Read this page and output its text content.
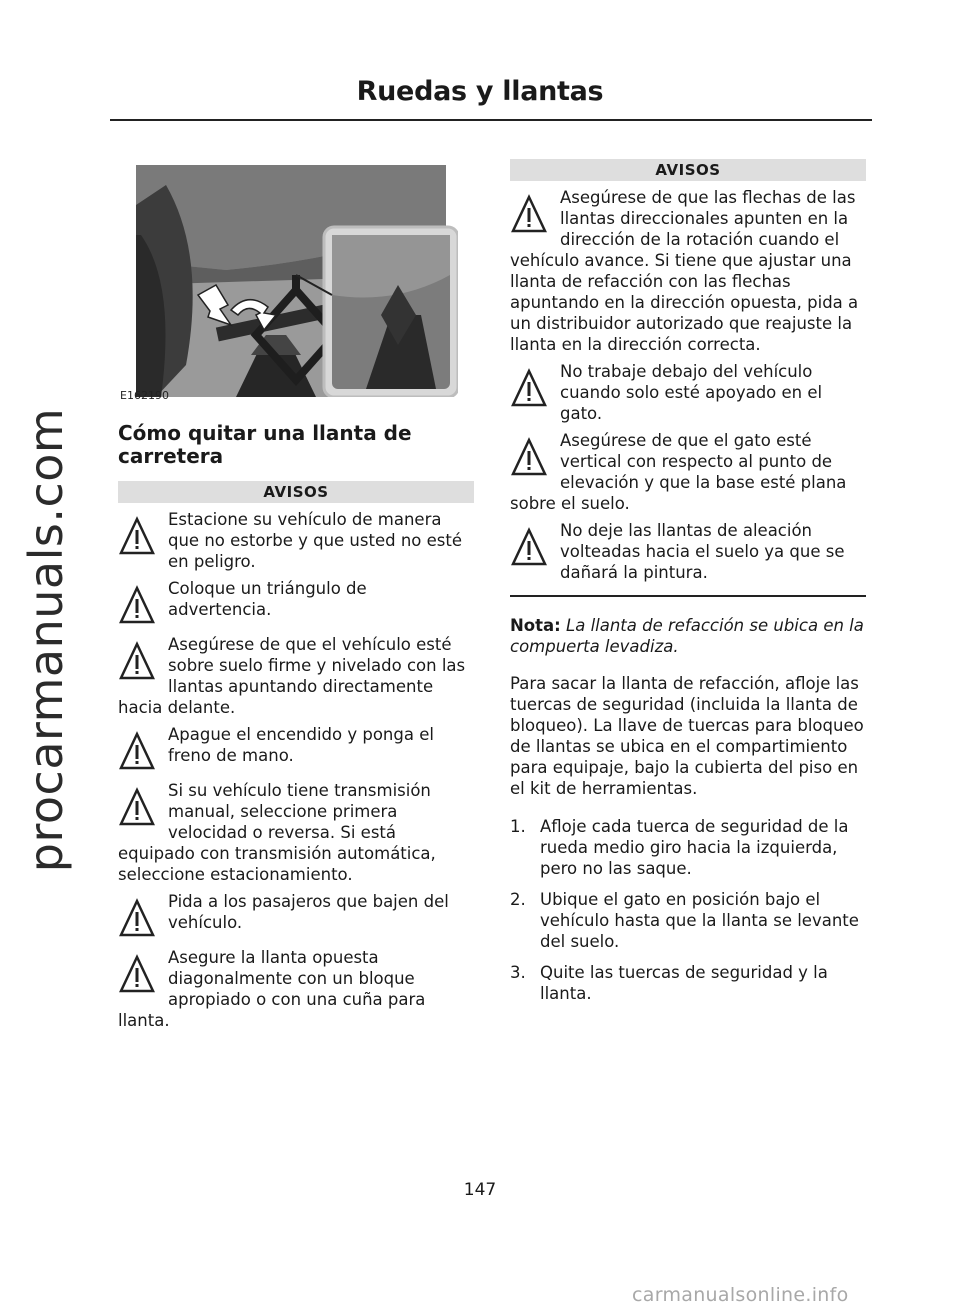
procarmanuals.com
Ruedas y llantas
E162190
Cómo quitar una llanta de carretera
AVISOS

Estacione su vehículo de manera que no estorbe y que usted no esté en peligro.

Coloque un triángulo de advertencia.

Asegúrese de que el vehículo esté sobre suelo firme y nivelado con las llantas apuntando directamente hacia delante.

Apague el encendido y ponga el freno de mano.

Si su vehículo tiene transmisión manual, seleccione primera velocidad o reversa. Si está equipado con transmisión automática, seleccione estacionamiento.

Pida a los pasajeros que bajen del vehículo.

Asegure la llanta opuesta diagonalmente con un bloque apropiado o con una cuña para llanta.

AVISOS

Asegúrese de que las flechas de las llantas direccionales apunten en la dirección de la rotación cuando el vehículo avance. Si tiene que ajustar una llanta de refacción con las flechas apuntando en la dirección opuesta, pida a un distribuidor autorizado que reajuste la llanta en la dirección correcta.

No trabaje debajo del vehículo cuando solo esté apoyado en el gato.

Asegúrese de que el gato esté vertical con respecto al punto de elevación y que la base esté plana sobre el suelo.

No deje las llantas de aleación volteadas hacia el suelo ya que se dañará la pintura.

Nota: La llanta de refacción se ubica en la compuerta levadiza.

Para sacar la llanta de refacción, afloje las tuercas de seguridad (incluida la llanta de bloqueo). La llave de tuercas para bloqueo de llantas se ubica en el compartimiento para equipaje, bajo la cubierta del piso en el kit de herramientas.

1. Afloje cada tuerca de seguridad de la rueda medio giro hacia la izquierda, pero no las saque.
2. Ubique el gato en posición bajo el vehículo hasta que la llanta se levante del suelo.
3. Quite las tuercas de seguridad y la llanta.
147
carmanualsonline.info
